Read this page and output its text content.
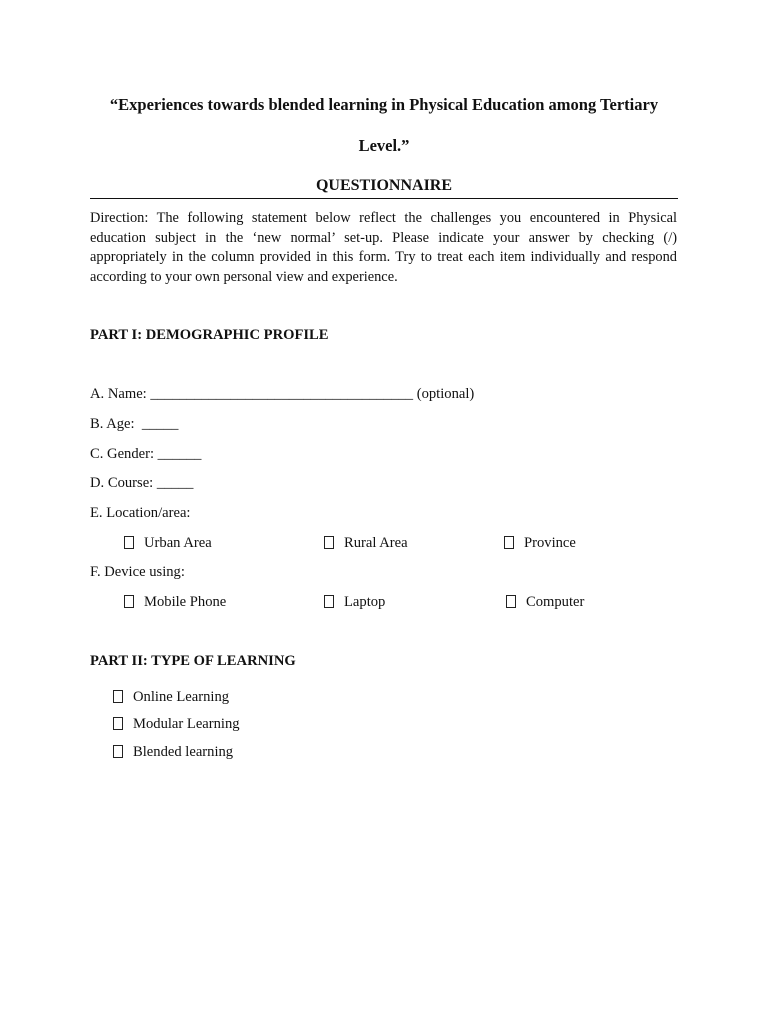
“Experiences towards blended learning in Physical Education among Tertiary
Level.”
QUESTIONNAIRE
Direction: The following statement below reflect the challenges you encountered in Physical education subject in the ‘new normal’ set-up. Please indicate your answer by checking (/) appropriately in the column provided in this form. Try to treat each item individually and respond according to your own personal view and experience.
PART I: DEMOGRAPHIC PROFILE
A. Name: ____________________________________ (optional)
B. Age:  _____
C. Gender: ______
D. Course: _____
E. Location/area:
Urban Area	Rural Area	Province
F. Device using:
Mobile Phone	Laptop	Computer
PART II: TYPE OF LEARNING
Online Learning
Modular Learning
Blended learning
